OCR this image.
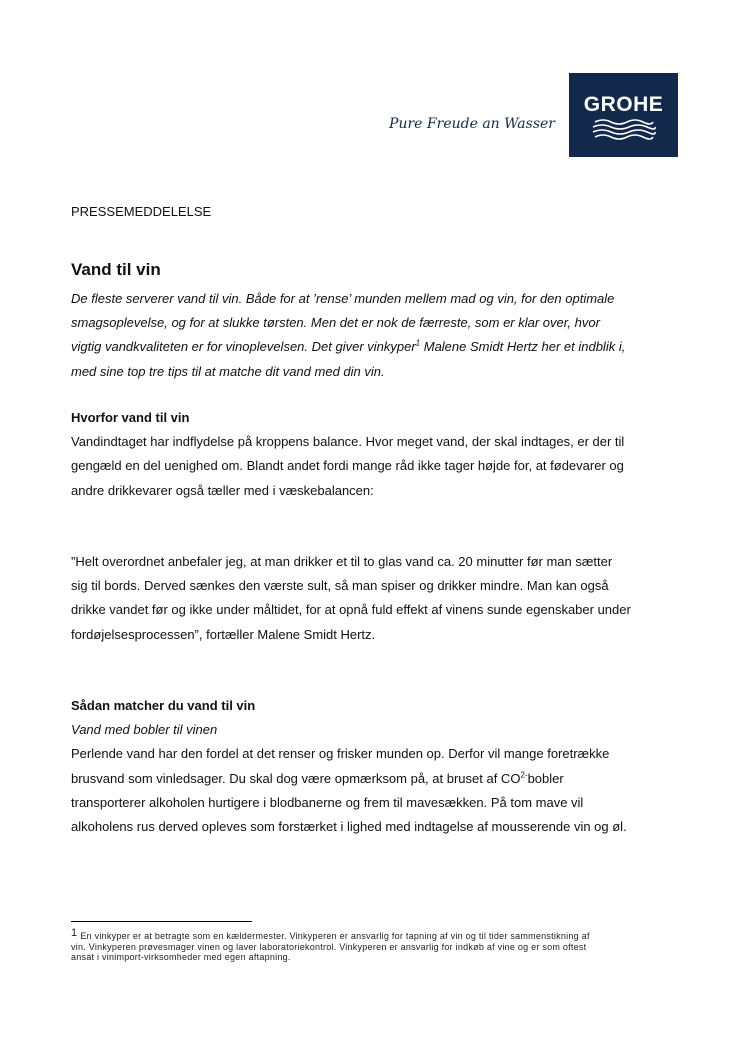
Pure Freude an Wasser
GROHE
PRESSEMEDDELELSE
Vand til vin

De fleste serverer vand til vin. Både for at ’rense’ munden mellem mad og vin, for den optimale smagsoplevelse, og for at slukke tørsten. Men det er nok de færreste, som er klar over, hvor vigtig vandkvaliteten er for vinoplevelsen. Det giver vinkyper$^1$ Malene Smidt Hertz her et indblik i, med sine top tre tips til at matche dit vand med din vin.

Hvorfor vand til vin

Vandindtaget har indflydelse på kroppens balance. Hvor meget vand, der skal indtages, er der til gengæld en del uenighed om. Blandt andet fordi mange råd ikke tager højde for, at fødevarer og andre drikkevarer også tæller med i væskebalancen:

”Helt overordnet anbefaler jeg, at man drikker et til to glas vand ca. 20 minutter før man sætter sig til bords. Derved sænkes den værste sult, så man spiser og drikker mindre. Man kan også drikke vandet før og ikke under måltidet, for at opnå fuld effekt af vinens sunde egenskaber under fordøjelsesprocessen”, fortæller Malene Smidt Hertz.

Sådan matcher du vand til vin

Vand med bobler til vinen

Perlende vand har den fordel at det renser og frisker munden op. Derfor vil mange foretrække brusvand som vinledsager. Du skal dog være opmærksom på, at bruset af $CO^{2-}bobler$ transporterer alkoholen hurtigere i blodbanerne og frem til mavesækken. På tom mave vil alkoholens rus derved opleves som forstærket i lighed med indtagelse af mousserende vin og øl.

1 En vinkyper er at betragte som en kældermester. Vinkyperen er ansvarlig for tapning af vin og til tider sammenstikning af vin. Vinkyperen prøvesmager vinen og laver laboratoriekontrol. Vinkyperen er ansvarlig for indkøb af vine og er som oftest ansat i vinimport-virksomheder med egen aftapning.
